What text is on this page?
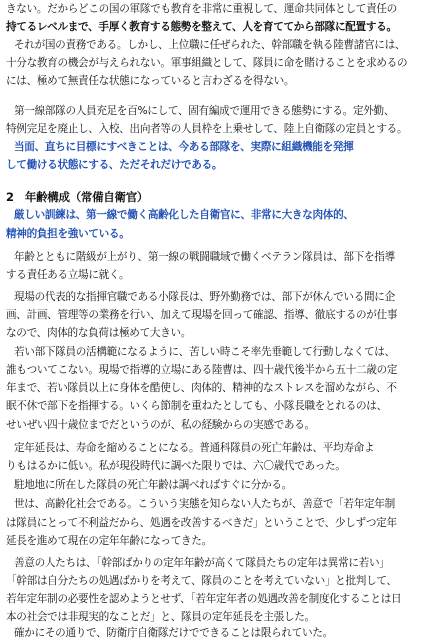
きない。だからどこの国の軍隊でも教育を非常に重視して、運命共同体として責任の
持てるレベルまで、手厚く教育する態勢を整えて、人を育ててから部隊に配置する。
それが国の責務である。しかし、上位職に任ぜられた、幹部職を執る陸曹諸官には、
十分な教育の機会が与えられない。軍事組織として、隊員に命を賭けることを求めるの
には、極めて無責任な状態になっていると言わざるを得ない。
第一線部隊の人員充足を百%にして、固有編成で運用できる態勢にする。定外勤、
特例完足を廃止し、入校、出向者等の人員枠を上乗せして、陸上自衛隊の定員とする。
当面、直ちに目標にすべきことは、今ある部隊を、実際に組織機能を発揮
して働ける状態にする、ただそれだけである。
2　年齢構成（常備自衛官）
厳しい訓練は、第一線で働く高齢化した自衛官に、非常に大きな肉体的、
精神的負担を強いている。
年齢とともに階級が上がり、第一線の戦闘職域で働くベテラン隊員は、部下を指導
する責任ある立場に就く。
現場の代表的な指揮官職である小隊長は、野外勤務では、部下が休んでいる間に企
画、計画、管理等の業務を行い、加えて現場を回って確認、指導、徹底するのが仕事
なので、肉体的な負荷は極めて大きい。
若い部下隊員の活構範になるように、苦しい時こそ率先垂範して行動しなくては、
誰もついてこない。現場で指導的立場にある陸曹は、四十歳代後半から五十二歳の定
年まで、若い隊員以上に身体を酷使し、肉体的、精神的なストレスを溜めながら、不
眠不休で部下を指揮する。いくら節制を重ねたとしても、小隊長職をとれるのは、
せいぜい四十歳位までだというのが、私の経験からの実感である。
定年延長は、寿命を縮めることになる。普通科隊員の死亡年齢は、平均寿命よ
りもはるかに低い。私が現役時代に調べた限りでは、六〇歳代であった。
駐地地に所在した隊員の死亡年齢は調べればすぐに分かる。
世は、高齢化社会である。こういう実態を知らない人たちが、善意で「若年定年制
は隊員にとって不利益だから、処遇を改善するべきだ」ということで、少しずつ定年
延長を進めて現在の定年年齢になってきた。
善意の人たちは、「幹部ばかりの定年年齢が高くて隊員たちの定年は異常に若い」
「幹部は自分たちの処遇ばかりを考えて、隊員のことを考えていない」と批判して、
若年定年制の必要性を認めようとせず、「若年定年者の処遇改善を制度化することは日
本の社会では非現実的なことだ」と、隊員の定年延長を主張した。
確かにその通りで、防衛庁自衛隊だけでできることは限られていた。
